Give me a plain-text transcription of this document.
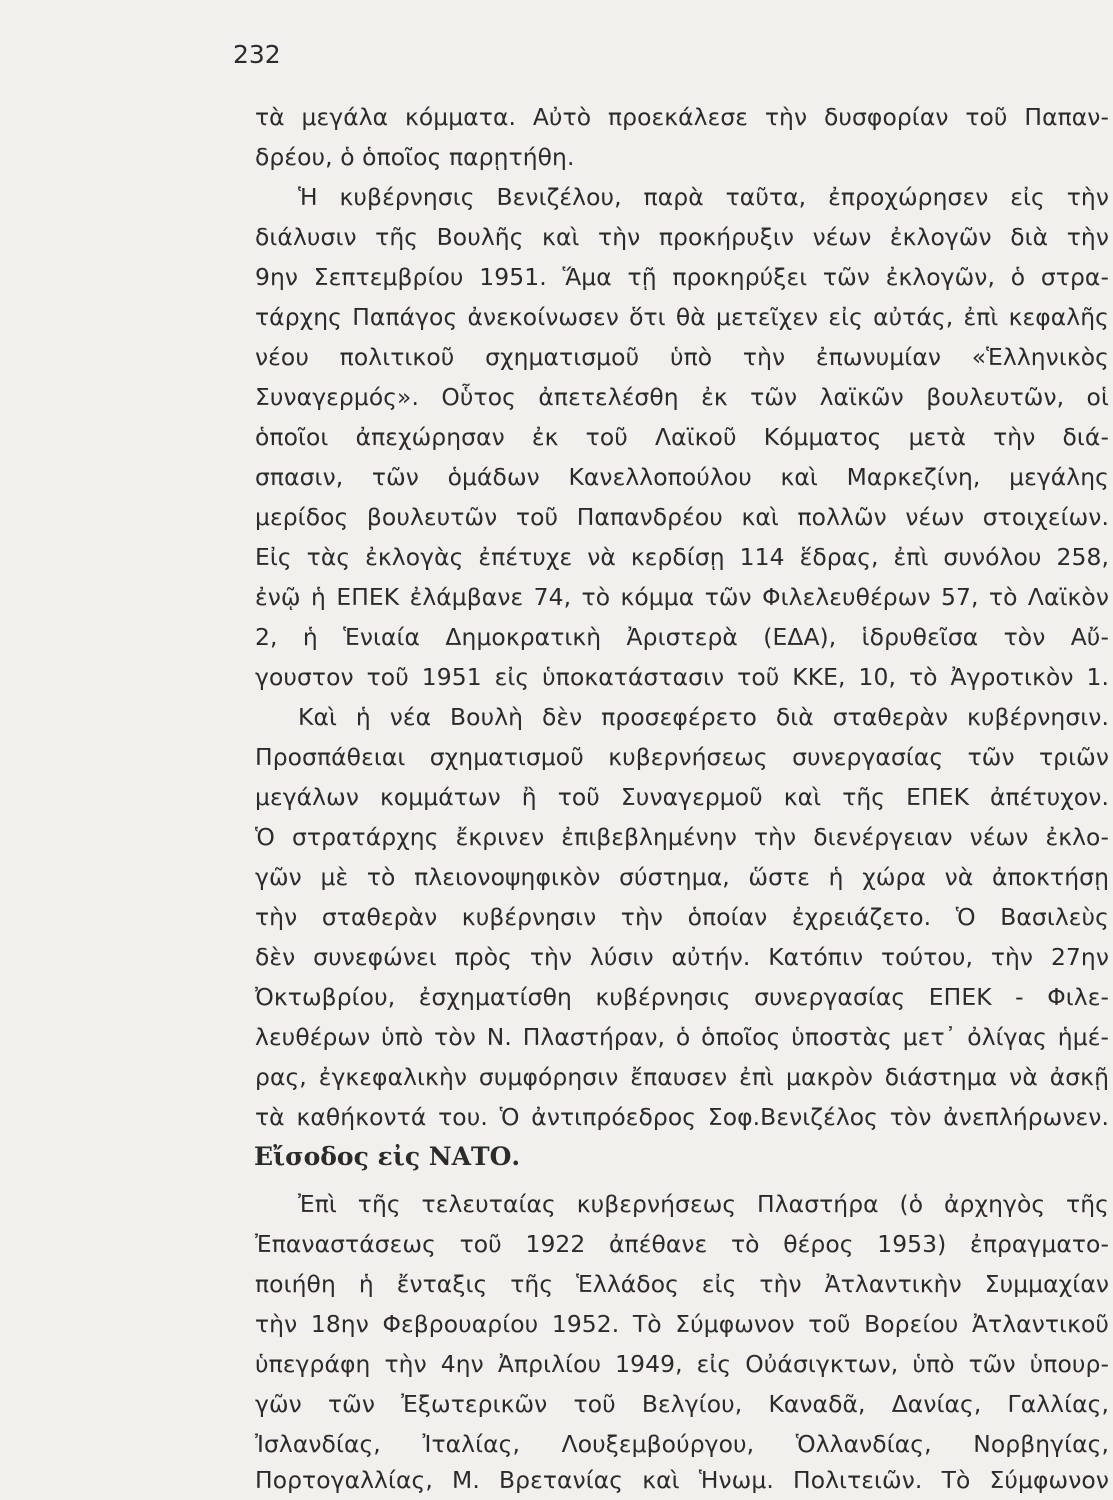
232
τὰ μεγάλα κόμματα. Αὐτὸ προεκάλεσε τὴν δυσφορίαν τοῦ Παπαν-
δρέου, ὁ ὁποῖος παρῃτήθη.
Ἡ κυβέρνησις Βενιζέλου, παρὰ ταῦτα, ἐπροχώρησεν εἰς τὴν
διάλυσιν τῆς Βουλῆς καὶ τὴν προκήρυξιν νέων ἐκλογῶν διὰ τὴν
9ην Σεπτεμβρίου 1951. Ἅμα τῇ προκηρύξει τῶν ἐκλογῶν, ὁ στρα-
τάρχης Παπάγος ἀνεκοίνωσεν ὅτι θὰ μετεῖχεν εἰς αὐτάς, ἐπὶ κεφαλῆς
νέου πολιτικοῦ σχηματισμοῦ ὑπὸ τὴν ἐπωνυμίαν «Ἑλληνικὸς
Συναγερμός». Οὗτος ἀπετελέσθη ἐκ τῶν λαϊκῶν βουλευτῶν, οἱ
ὁποῖοι ἀπεχώρησαν ἐκ τοῦ Λαϊκοῦ Κόμματος μετὰ τὴν διά-
σπασιν, τῶν ὁμάδων Κανελλοπούλου καὶ Μαρκεζίνη, μεγάλης
μερίδος βουλευτῶν τοῦ Παπανδρέου καὶ πολλῶν νέων στοιχείων.
Εἰς τὰς ἐκλογὰς ἐπέτυχε νὰ κερδίσῃ 114 ἕδρας, ἐπὶ συνόλου 258,
ἐνῷ ἡ ΕΠΕΚ ἐλάμβανε 74, τὸ κόμμα τῶν Φιλελευθέρων 57, τὸ Λαϊκὸν
2, ἡ Ἑνιαία Δημοκρατικὴ Ἀριστερὰ (ΕΔΑ), ἱδρυθεῖσα τὸν Αὔ-
γουστον τοῦ 1951 εἰς ὑποκατάστασιν τοῦ ΚΚΕ, 10, τὸ Ἀγροτικὸν 1.
Καὶ ἡ νέα Βουλὴ δὲν προσεφέρετο διὰ σταθερὰν κυβέρνησιν.
Προσπάθειαι σχηματισμοῦ κυβερνήσεως συνεργασίας τῶν τριῶν
μεγάλων κομμάτων ἢ τοῦ Συναγερμοῦ καὶ τῆς ΕΠΕΚ ἀπέτυχον.
Ὁ στρατάρχης ἔκρινεν ἐπιβεβλημένην τὴν διενέργειαν νέων ἐκλο-
γῶν μὲ τὸ πλειονοψηφικὸν σύστημα, ὥστε ἡ χώρα νὰ ἀποκτήσῃ
τὴν σταθερὰν κυβέρνησιν τὴν ὁποίαν ἐχρειάζετο. Ὁ Βασιλεὺς
δὲν συνεφώνει πρὸς τὴν λύσιν αὐτήν. Κατόπιν τούτου, τὴν 27ην
Ὀκτωβρίου, ἐσχηματίσθη κυβέρνησις συνεργασίας ΕΠΕΚ - Φιλε-
λευθέρων ὑπὸ τὸν Ν. Πλαστήραν, ὁ ὁποῖος ὑποστὰς μετ᾽ ὀλίγας ἡμέ-
ρας, ἐγκεφαλικὴν συμφόρησιν ἔπαυσεν ἐπὶ μακρὸν διάστημα νὰ ἀσκῇ
τὰ καθήκοντά του. Ὁ ἀντιπρόεδρος Σοφ.Βενιζέλος τὸν ἀνεπλήρωνεν.
Εἴσοδος εἰς ΝΑΤΟ.
Ἐπὶ τῆς τελευταίας κυβερνήσεως Πλαστήρα (ὁ ἀρχηγὸς τῆς
Ἐπαναστάσεως τοῦ 1922 ἀπέθανε τὸ θέρος 1953) ἐπραγματο-
ποιήθη ἡ ἔνταξις τῆς Ἑλλάδος εἰς τὴν Ἀτλαντικὴν Συμμαχίαν
τὴν 18ην Φεβρουαρίου 1952. Τὸ Σύμφωνον τοῦ Βορείου Ἀτλαντικοῦ
ὑπεγράφη τὴν 4ην Ἀπριλίου 1949, εἰς Οὐάσιγκτων, ὑπὸ τῶν ὑπουρ-
γῶν τῶν Ἐξωτερικῶν τοῦ Βελγίου, Καναδᾶ, Δανίας, Γαλλίας,
Ἰσλανδίας, Ἰταλίας, Λουξεμβούργου, Ὁλλανδίας, Νορβηγίας,
Πορτογαλλίας, Μ. Βρετανίας καὶ Ἡνωμ. Πολιτειῶν. Τὸ Σύμφωνον
